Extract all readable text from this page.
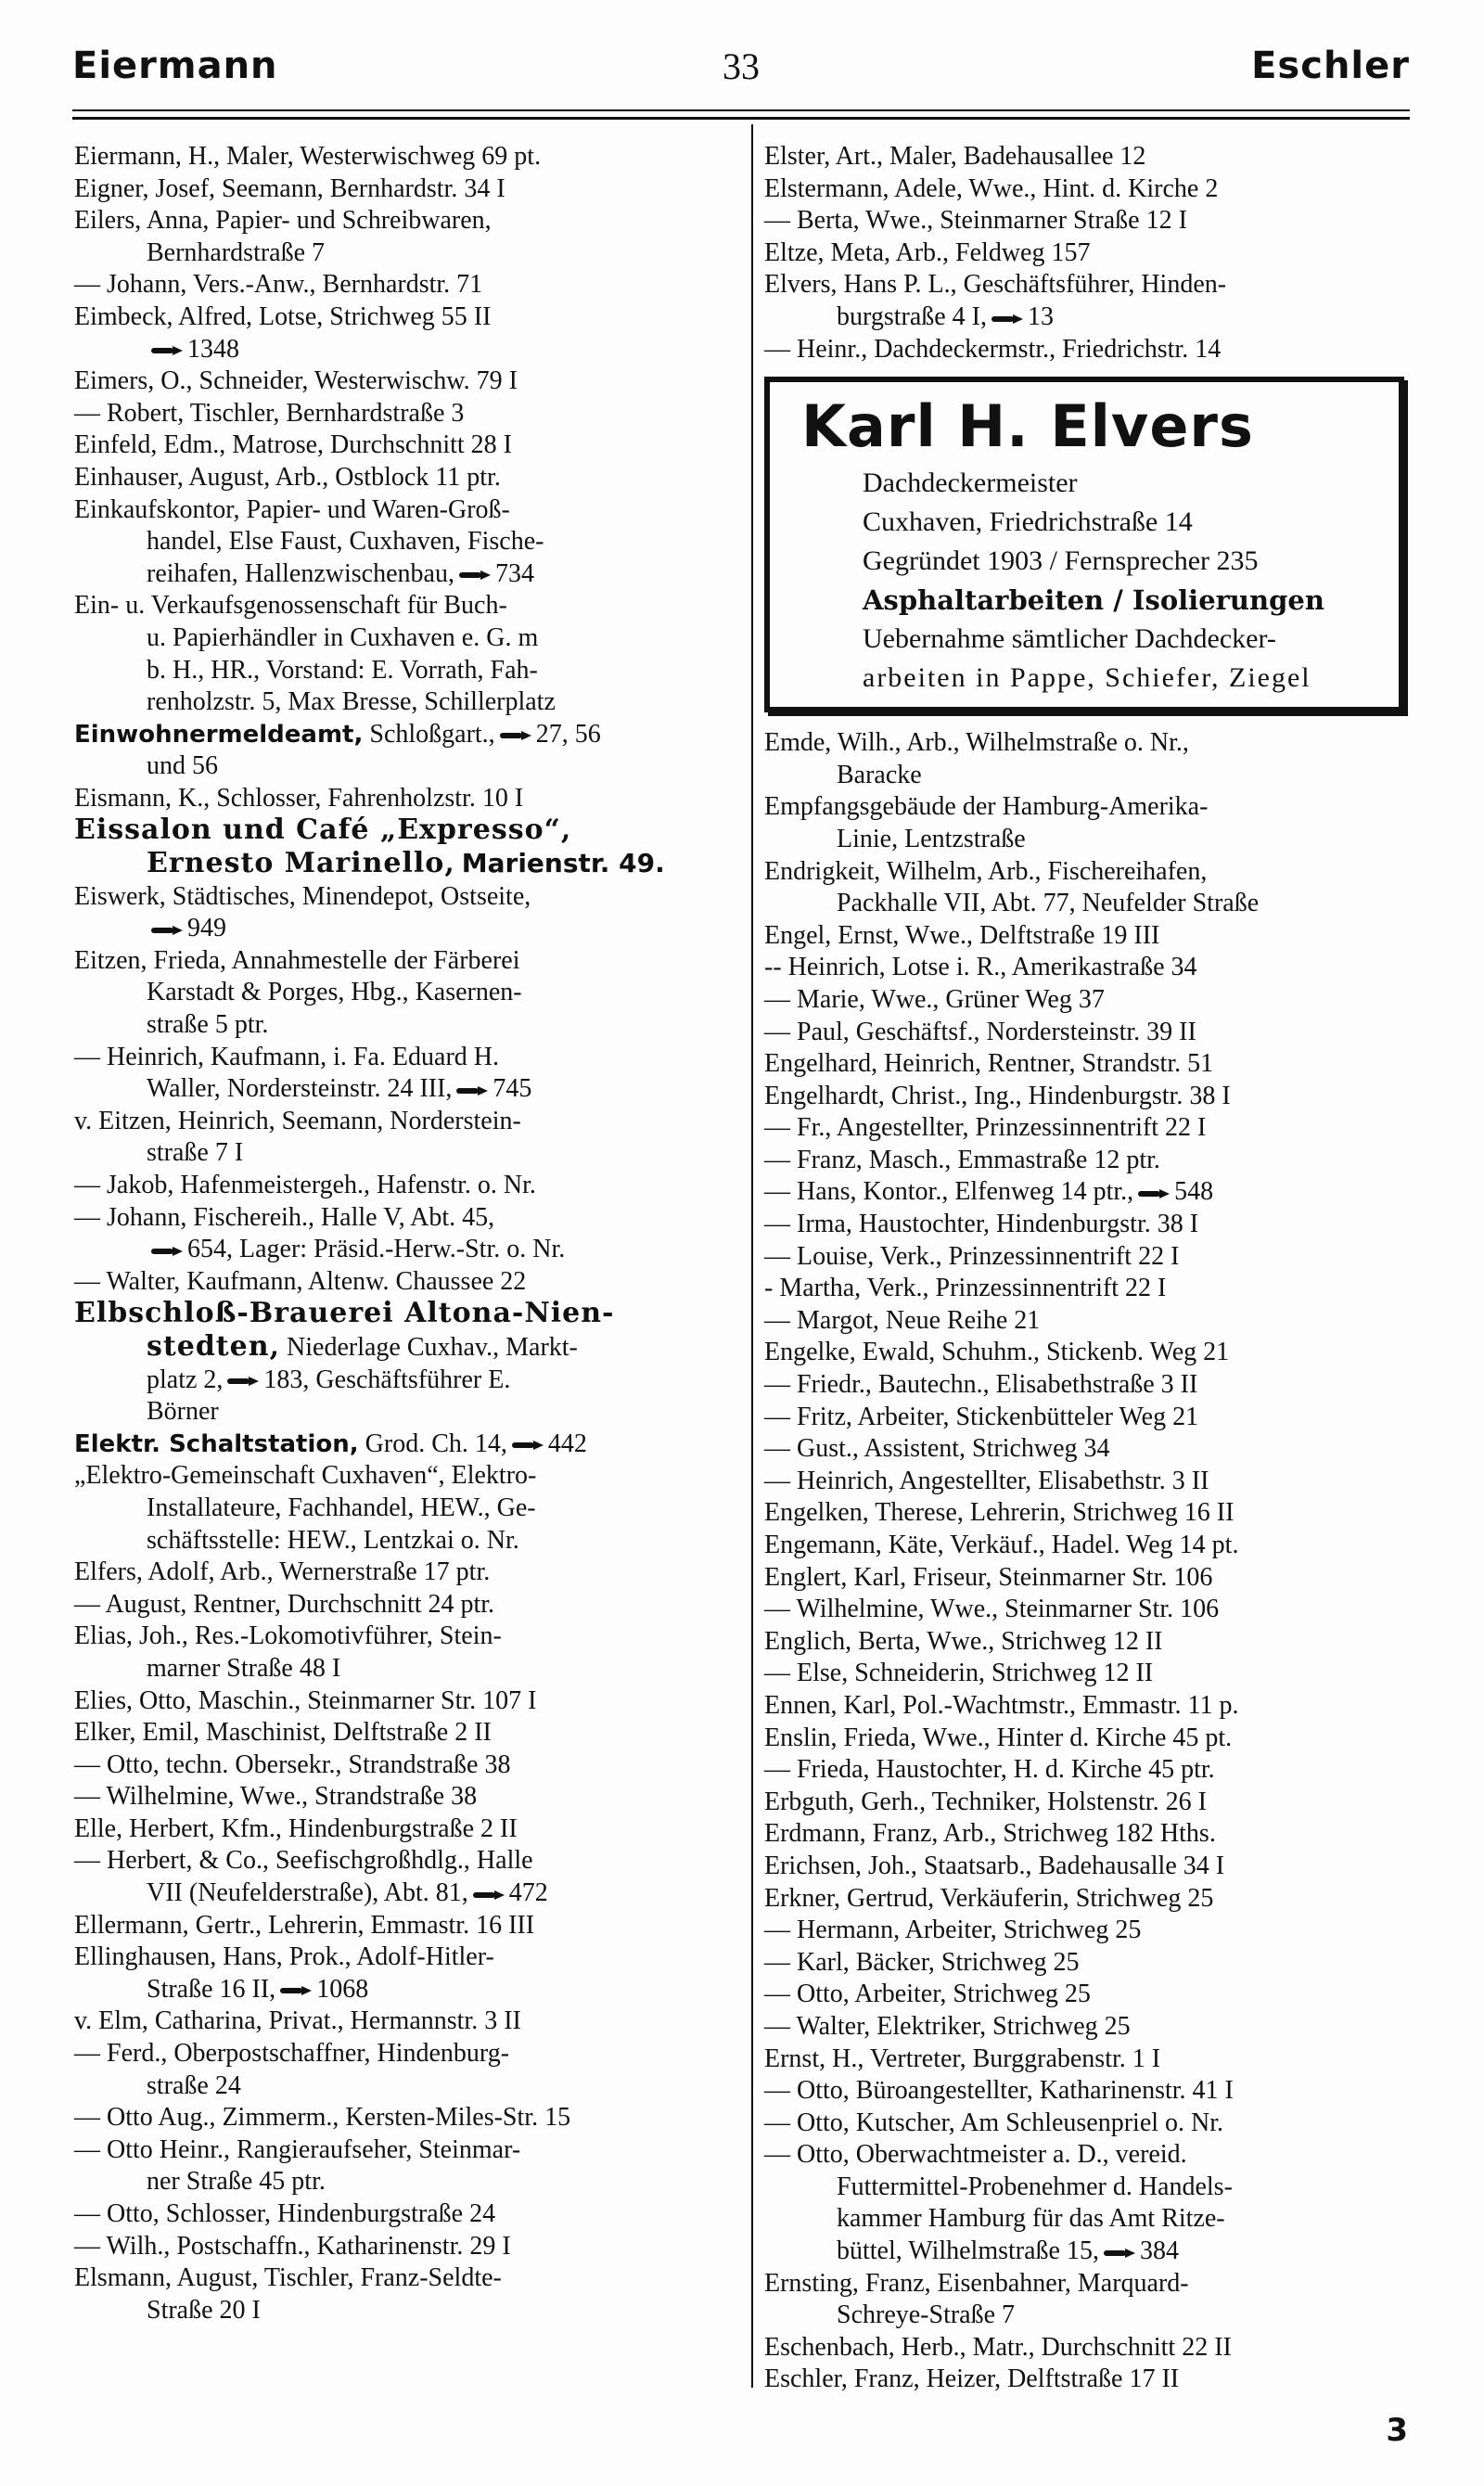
Eiermann	33	Eschler
Eiermann, H., Maler, Westerwischweg 69 pt.
Eigner, Josef, Seemann, Bernhardstr. 34 I
Eilers, Anna, Papier- und Schreibwaren,
Bernhardstraße 7
— Johann, Vers.-Anw., Bernhardstr. 71
Eimbeck, Alfred, Lotse, Strichweg 55 II
1348
Eimers, O., Schneider, Westerwischw. 79 I
— Robert, Tischler, Bernhardstraße 3
Einfeld, Edm., Matrose, Durchschnitt 28 I
Einhauser, August, Arb., Ostblock 11 ptr.
Einkaufskontor, Papier- und Waren-Groß-
handel, Else Faust, Cuxhaven, Fische-
reihafen, Hallenzwischenbau, 734
Ein- u. Verkaufsgenossenschaft für Buch-
u. Papierhändler in Cuxhaven e. G. m
b. H., HR., Vorstand: E. Vorrath, Fah-
renholzstr. 5, Max Bresse, Schillerplatz
Einwohnermeldeamt, Schloßgart., 27, 56
und 56
Eismann, K., Schlosser, Fahrenholzstr. 10 I
Eissalon und Café „Expresso“,
Ernesto Marinello, Marienstr. 49.
Eiswerk, Städtisches, Minendepot, Ostseite,
949
Eitzen, Frieda, Annahmestelle der Färberei
Karstadt & Porges, Hbg., Kasernen-
straße 5 ptr.
— Heinrich, Kaufmann, i. Fa. Eduard H.
Waller, Nordersteinstr. 24 III, 745
v. Eitzen, Heinrich, Seemann, Norderstein-
straße 7 I
— Jakob, Hafenmeistergeh., Hafenstr. o. Nr.
— Johann, Fischereih., Halle V, Abt. 45,
654, Lager: Präsid.-Herw.-Str. o. Nr.
— Walter, Kaufmann, Altenw. Chaussee 22
Elbschloß-Brauerei Altona-Nien-
stedten, Niederlage Cuxhav., Markt-
platz 2, 183, Geschäftsführer E.
Börner
Elektr. Schaltstation, Grod. Ch. 14, 442
„Elektro-Gemeinschaft Cuxhaven“, Elektro-
Installateure, Fachhandel, HEW., Ge-
schäftsstelle: HEW., Lentzkai o. Nr.
Elfers, Adolf, Arb., Wernerstraße 17 ptr.
— August, Rentner, Durchschnitt 24 ptr.
Elias, Joh., Res.-Lokomotivführer, Stein-
marner Straße 48 I
Elies, Otto, Maschin., Steinmarner Str. 107 I
Elker, Emil, Maschinist, Delftstraße 2 II
— Otto, techn. Obersekr., Strandstraße 38
— Wilhelmine, Wwe., Strandstraße 38
Elle, Herbert, Kfm., Hindenburgstraße 2 II
— Herbert, & Co., Seefischgroßhdlg., Halle
VII (Neufelderstraße), Abt. 81, 472
Ellermann, Gertr., Lehrerin, Emmastr. 16 III
Ellinghausen, Hans, Prok., Adolf-Hitler-
Straße 16 II, 1068
v. Elm, Catharina, Privat., Hermannstr. 3 II
— Ferd., Oberpostschaffner, Hindenburg-
straße 24
— Otto Aug., Zimmerm., Kersten-Miles-Str. 15
— Otto Heinr., Rangieraufseher, Steinmar-
ner Straße 45 ptr.
— Otto, Schlosser, Hindenburgstraße 24
— Wilh., Postschaffn., Katharinenstr. 29 I
Elsmann, August, Tischler, Franz-Seldte-
Straße 20 I
Elster, Art., Maler, Badehausallee 12
Elstermann, Adele, Wwe., Hint. d. Kirche 2
— Berta, Wwe., Steinmarner Straße 12 I
Eltze, Meta, Arb., Feldweg 157
Elvers, Hans P. L., Geschäftsführer, Hinden-
burgstraße 4 I, 13
— Heinr., Dachdeckermstr., Friedrichstr. 14
Karl H. Elvers
Dachdeckermeister
Cuxhaven, Friedrichstraße 14
Gegründet 1903 / Fernsprecher 235
Asphaltarbeiten / Isolierungen
Uebernahme sämtlicher Dachdecker-
arbeiten in Pappe, Schiefer, Ziegel
Emde, Wilh., Arb., Wilhelmstraße o. Nr.,
Baracke
Empfangsgebäude der Hamburg-Amerika-
Linie, Lentzstraße
Endrigkeit, Wilhelm, Arb., Fischereihafen,
Packhalle VII, Abt. 77, Neufelder Straße
Engel, Ernst, Wwe., Delftstraße 19 III
-- Heinrich, Lotse i. R., Amerikastraße 34
— Marie, Wwe., Grüner Weg 37
— Paul, Geschäftsf., Nordersteinstr. 39 II
Engelhard, Heinrich, Rentner, Strandstr. 51
Engelhardt, Christ., Ing., Hindenburgstr. 38 I
— Fr., Angestellter, Prinzessinnentrift 22 I
— Franz, Masch., Emmastraße 12 ptr.
— Hans, Kontor., Elfenweg 14 ptr., 548
— Irma, Haustochter, Hindenburgstr. 38 I
— Louise, Verk., Prinzessinnentrift 22 I
- Martha, Verk., Prinzessinnentrift 22 I
— Margot, Neue Reihe 21
Engelke, Ewald, Schuhm., Stickenb. Weg 21
— Friedr., Bautechn., Elisabethstraße 3 II
— Fritz, Arbeiter, Stickenbütteler Weg 21
— Gust., Assistent, Strichweg 34
— Heinrich, Angestellter, Elisabethstr. 3 II
Engelken, Therese, Lehrerin, Strichweg 16 II
Engemann, Käte, Verkäuf., Hadel. Weg 14 pt.
Englert, Karl, Friseur, Steinmarner Str. 106
— Wilhelmine, Wwe., Steinmarner Str. 106
Englich, Berta, Wwe., Strichweg 12 II
— Else, Schneiderin, Strichweg 12 II
Ennen, Karl, Pol.-Wachtmstr., Emmastr. 11 p.
Enslin, Frieda, Wwe., Hinter d. Kirche 45 pt.
— Frieda, Haustochter, H. d. Kirche 45 ptr.
Erbguth, Gerh., Techniker, Holstenstr. 26 I
Erdmann, Franz, Arb., Strichweg 182 Hths.
Erichsen, Joh., Staatsarb., Badehausalle 34 I
Erkner, Gertrud, Verkäuferin, Strichweg 25
— Hermann, Arbeiter, Strichweg 25
— Karl, Bäcker, Strichweg 25
— Otto, Arbeiter, Strichweg 25
— Walter, Elektriker, Strichweg 25
Ernst, H., Vertreter, Burggrabenstr. 1 I
— Otto, Büroangestellter, Katharinenstr. 41 I
— Otto, Kutscher, Am Schleusenpriel o. Nr.
— Otto, Oberwachtmeister a. D., vereid.
Futtermittel-Probenehmer d. Handels-
kammer Hamburg für das Amt Ritze-
büttel, Wilhelmstraße 15, 384
Ernsting, Franz, Eisenbahner, Marquard-
Schreye-Straße 7
Eschenbach, Herb., Matr., Durchschnitt 22 II
Eschler, Franz, Heizer, Delftstraße 17 II
3
